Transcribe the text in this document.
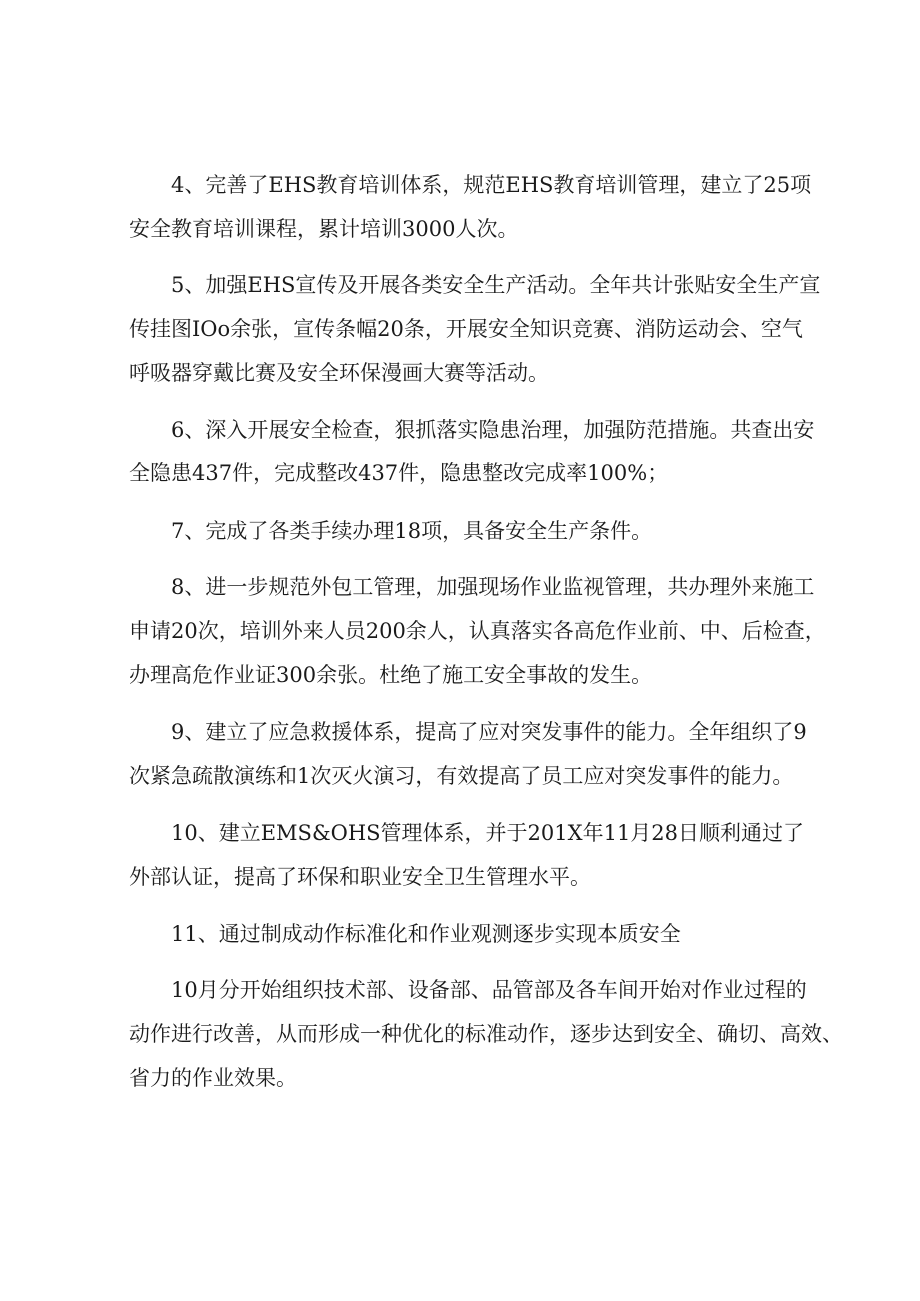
4、完善了EHS教育培训体系，规范EHS教育培训管理，建立了25项
安全教育培训课程，累计培训3000人次。
5、加强EHS宣传及开展各类安全生产活动。全年共计张贴安全生产宣
传挂图IOo余张，宣传条幅20条，开展安全知识竞赛、消防运动会、空气
呼吸器穿戴比赛及安全环保漫画大赛等活动。
6、深入开展安全检查，狠抓落实隐患治理，加强防范措施。共查出安
全隐患437件，完成整改437件，隐患整改完成率100%；
7、完成了各类手续办理18项，具备安全生产条件。
8、进一步规范外包工管理，加强现场作业监视管理，共办理外来施工
申请20次，培训外来人员200余人，认真落实各高危作业前、中、后检查，
办理高危作业证300余张。杜绝了施工安全事故的发生。
9、建立了应急救援体系，提高了应对突发事件的能力。全年组织了9
次紧急疏散演练和1次灭火演习，有效提高了员工应对突发事件的能力。
10、建立EMS&OHS管理体系，并于201X年11月28日顺利通过了
外部认证，提高了环保和职业安全卫生管理水平。
11、通过制成动作标准化和作业观测逐步实现本质安全
10月分开始组织技术部、设备部、品管部及各车间开始对作业过程的
动作进行改善，从而形成一种优化的标准动作，逐步达到安全、确切、高效、
省力的作业效果。
